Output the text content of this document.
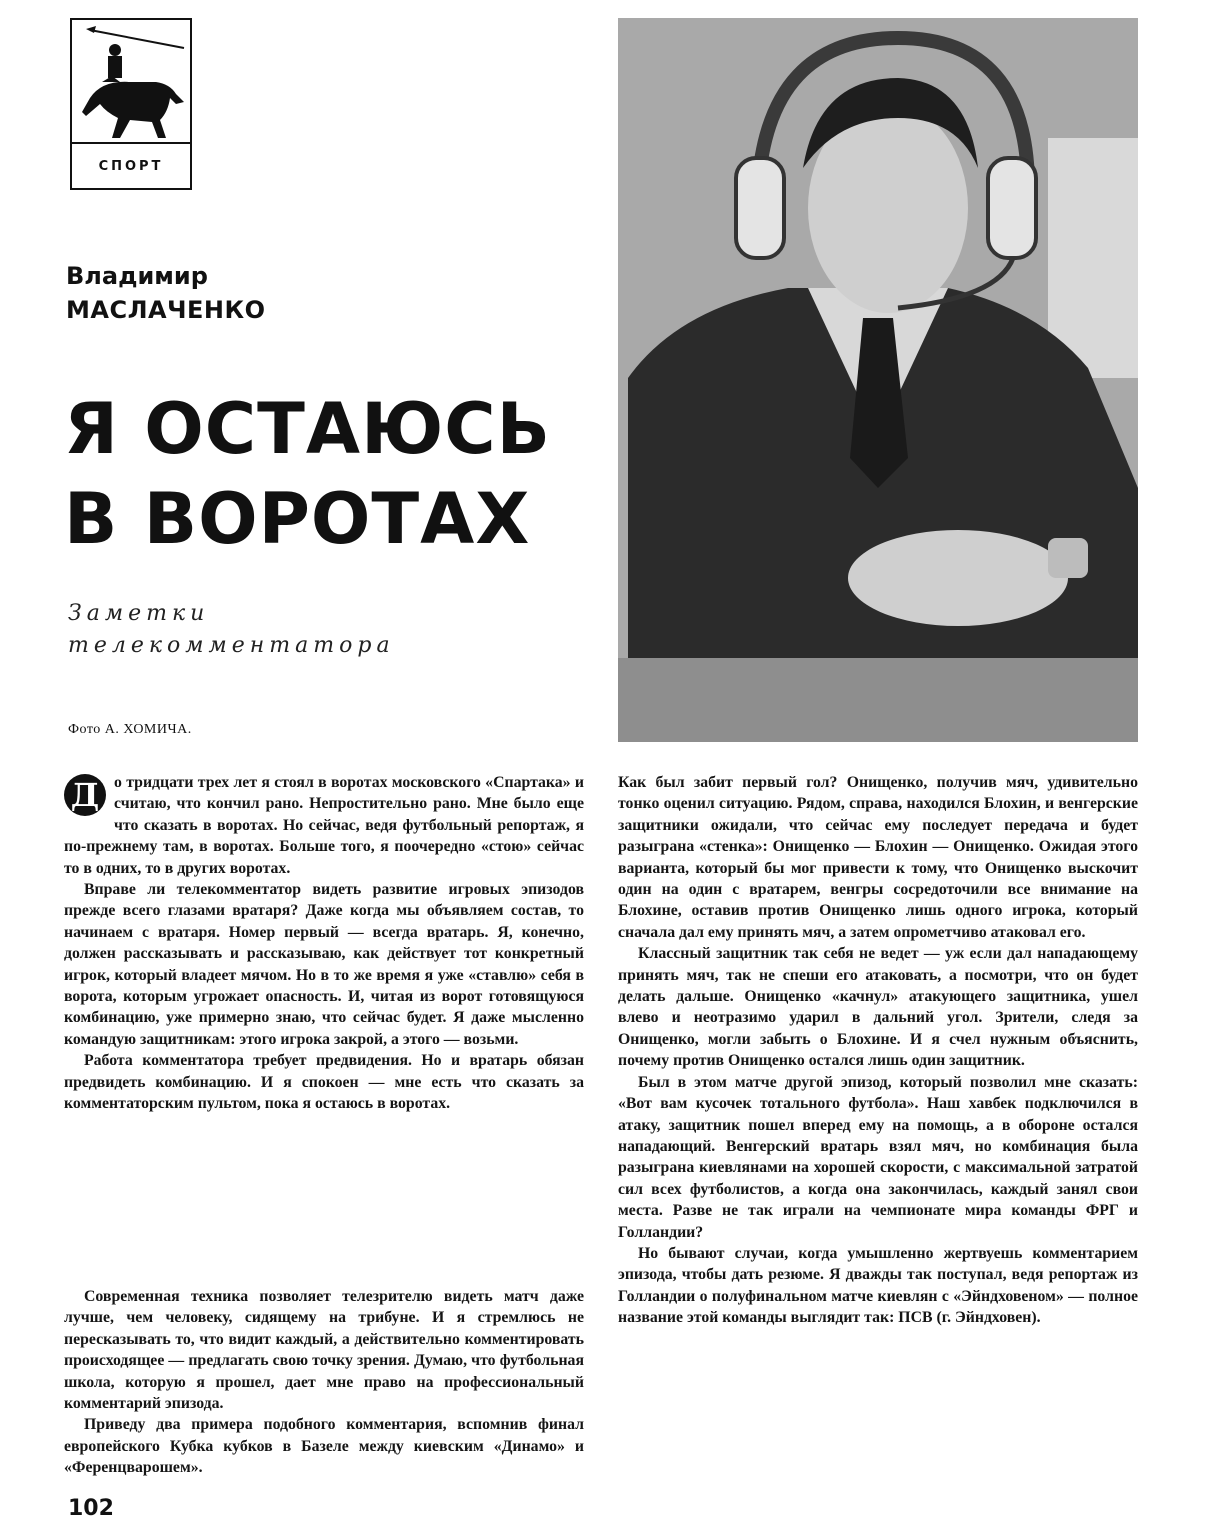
СПОРТ
Владимир
МАСЛАЧЕНКО
Я ОСТАЮСЬ
В ВОРОТАХ
Заметки
телекомментатора
Фото А. ХОМИЧА.

Д о тридцати трех лет я стоял в воротах московского «Спартака» и считаю, что кончил рано. Непростительно рано. Мне было еще что сказать в воротах. Но сейчас, ведя футбольный репортаж, я по-прежнему там, в воротах. Больше того, я поочередно «стою» сейчас то в одних, то в других воротах.

Вправе ли телекомментатор видеть развитие игровых эпизодов прежде всего глазами вратаря? Даже когда мы объявляем состав, то начинаем с вратаря. Номер первый — всегда вратарь. Я, конечно, должен рассказывать и рассказываю, как действует тот конкретный игрок, который владеет мячом. Но в то же время я уже «ставлю» себя в ворота, которым угрожает опасность. И, читая из ворот готовящуюся комбинацию, уже примерно знаю, что сейчас будет. Я даже мысленно командую защитникам: этого игрока закрой, а этого — возьми.

Работа комментатора требует предвидения. Но и вратарь обязан предвидеть комбинацию. И я спокоен — мне есть что сказать за комментаторским пультом, пока я остаюсь в воротах.

Современная техника позволяет телезрителю видеть матч даже лучше, чем человеку, сидящему на трибуне. И я стремлюсь не пересказывать то, что видит каждый, а действительно комментировать происходящее — предлагать свою точку зрения. Думаю, что футбольная школа, которую я прошел, дает мне право на профессиональный комментарий эпизода.

Приведу два примера подобного комментария, вспомнив финал европейского Кубка кубков в Базеле между киевским «Динамо» и «Ференцварошем».

Как был забит первый гол? Онищенко, получив мяч, удивительно тонко оценил ситуацию. Рядом, справа, находился Блохин, и венгерские защитники ожидали, что сейчас ему последует передача и будет разыграна «стенка»: Онищенко — Блохин — Онищенко. Ожидая этого варианта, который бы мог привести к тому, что Онищенко выскочит один на один с вратарем, венгры сосредоточили все внимание на Блохине, оставив против Онищенко лишь одного игрока, который сначала дал ему принять мяч, а затем опрометчиво атаковал его.

Классный защитник так себя не ведет — уж если дал нападающему принять мяч, так не спеши его атаковать, а посмотри, что он будет делать дальше. Онищенко «качнул» атакующего защитника, ушел влево и неотразимо ударил в дальний угол. Зрители, следя за Онищенко, могли забыть о Блохине. И я счел нужным объяснить, почему против Онищенко остался лишь один защитник.

Был в этом матче другой эпизод, который позволил мне сказать: «Вот вам кусочек тотального футбола». Наш хавбек подключился в атаку, защитник пошел вперед ему на помощь, а в обороне остался нападающий. Венгерский вратарь взял мяч, но комбинация была разыграна киевлянами на хорошей скорости, с максимальной затратой сил всех футболистов, а когда она закончилась, каждый занял свои места. Разве не так играли на чемпионате мира команды ФРГ и Голландии?

Но бывают случаи, когда умышленно жертвуешь комментарием эпизода, чтобы дать резюме. Я дважды так поступал, ведя репортаж из Голландии о полуфинальном матче киевлян с «Эйндховеном» — полное название этой команды выглядит так: ПСВ (г. Эйндховен).

102
